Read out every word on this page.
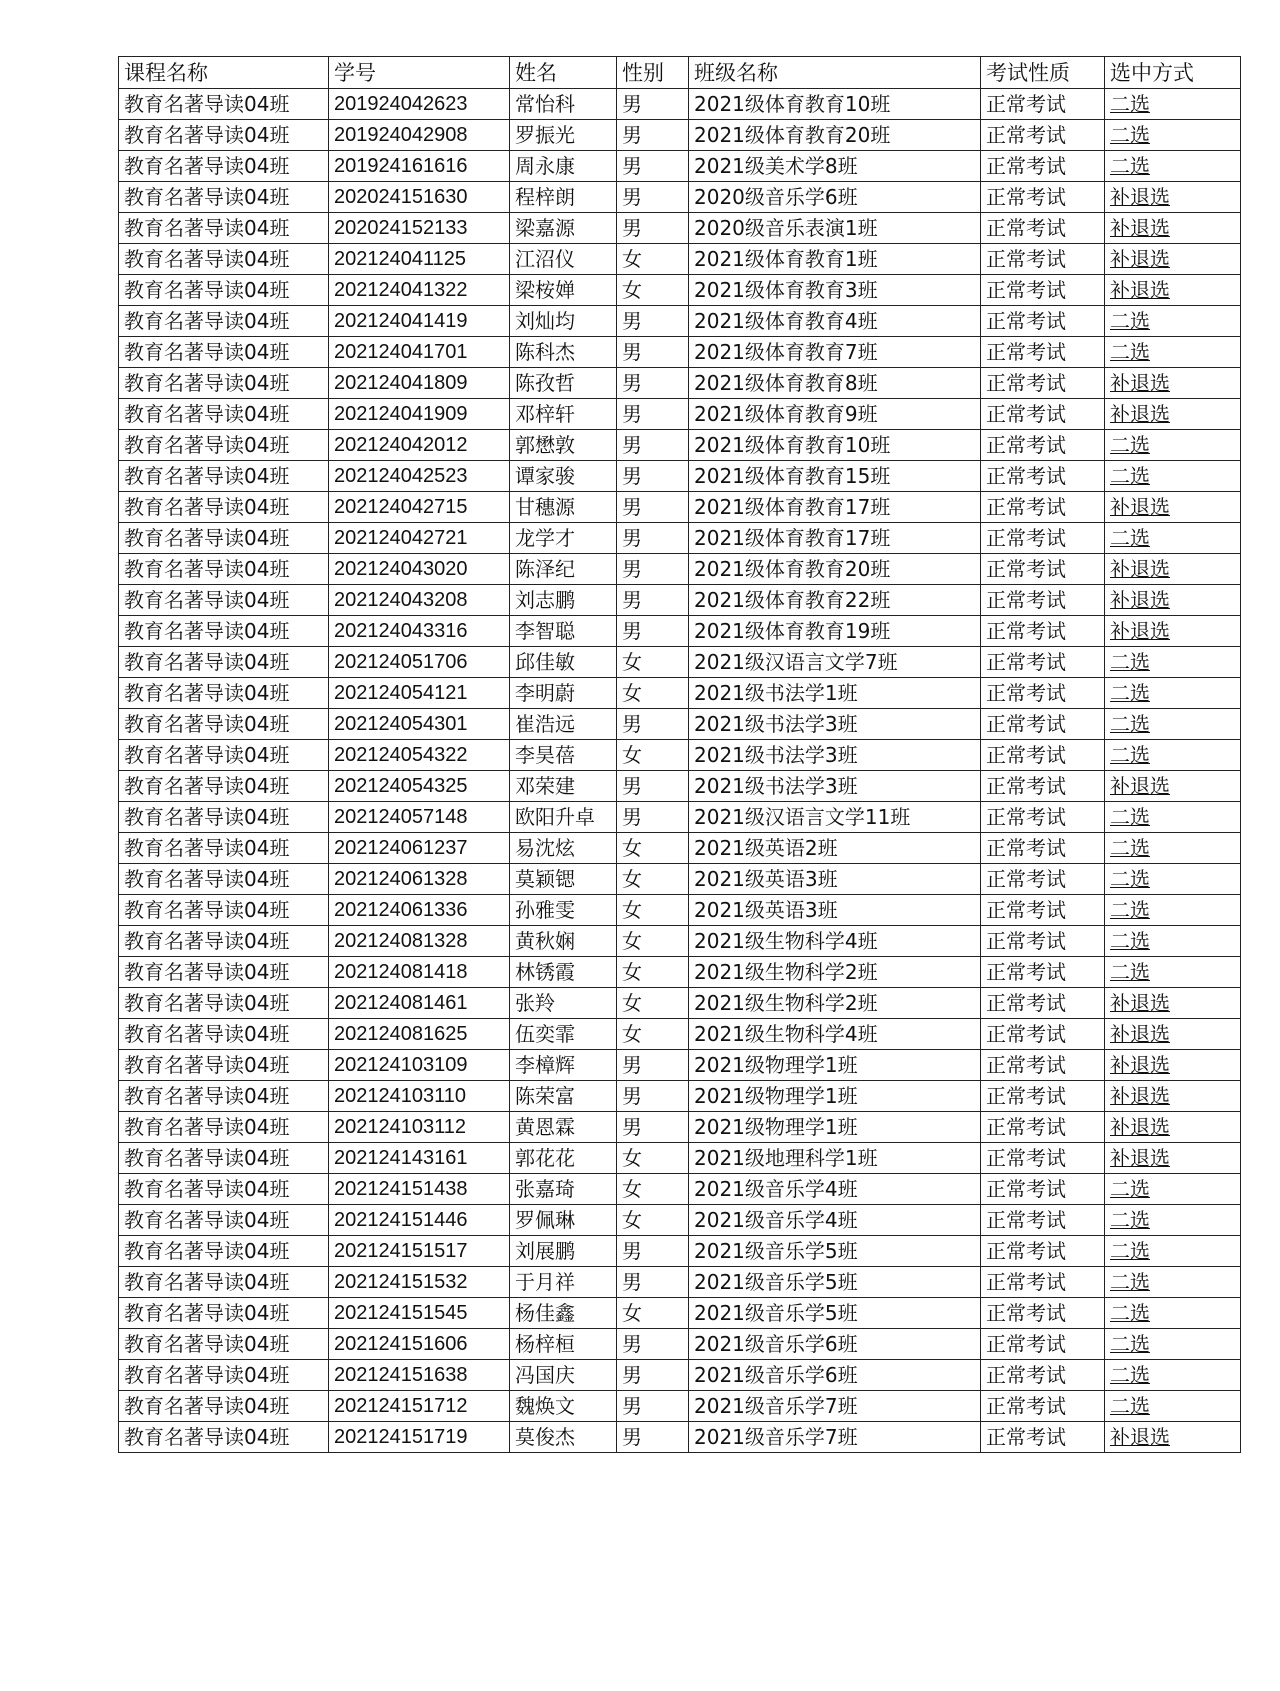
课程名称	学号	姓名	性别	班级名称	考试性质	选中方式
教育名著导读04班	201924042623	常怡科	男	2021级体育教育10班	正常考试	二选
教育名著导读04班	201924042908	罗振光	男	2021级体育教育20班	正常考试	二选
教育名著导读04班	201924161616	周永康	男	2021级美术学8班	正常考试	二选
教育名著导读04班	202024151630	程梓朗	男	2020级音乐学6班	正常考试	补退选
教育名著导读04班	202024152133	梁嘉源	男	2020级音乐表演1班	正常考试	补退选
教育名著导读04班	202124041125	江沼仪	女	2021级体育教育1班	正常考试	补退选
教育名著导读04班	202124041322	梁桉婵	女	2021级体育教育3班	正常考试	补退选
教育名著导读04班	202124041419	刘灿均	男	2021级体育教育4班	正常考试	二选
教育名著导读04班	202124041701	陈科杰	男	2021级体育教育7班	正常考试	二选
教育名著导读04班	202124041809	陈孜哲	男	2021级体育教育8班	正常考试	补退选
教育名著导读04班	202124041909	邓梓轩	男	2021级体育教育9班	正常考试	补退选
教育名著导读04班	202124042012	郭懋敦	男	2021级体育教育10班	正常考试	二选
教育名著导读04班	202124042523	谭家骏	男	2021级体育教育15班	正常考试	二选
教育名著导读04班	202124042715	甘穗源	男	2021级体育教育17班	正常考试	补退选
教育名著导读04班	202124042721	龙学才	男	2021级体育教育17班	正常考试	二选
教育名著导读04班	202124043020	陈泽纪	男	2021级体育教育20班	正常考试	补退选
教育名著导读04班	202124043208	刘志鹏	男	2021级体育教育22班	正常考试	补退选
教育名著导读04班	202124043316	李智聪	男	2021级体育教育19班	正常考试	补退选
教育名著导读04班	202124051706	邱佳敏	女	2021级汉语言文学7班	正常考试	二选
教育名著导读04班	202124054121	李明蔚	女	2021级书法学1班	正常考试	二选
教育名著导读04班	202124054301	崔浩远	男	2021级书法学3班	正常考试	二选
教育名著导读04班	202124054322	李昊蓓	女	2021级书法学3班	正常考试	二选
教育名著导读04班	202124054325	邓荣建	男	2021级书法学3班	正常考试	补退选
教育名著导读04班	202124057148	欧阳升卓	男	2021级汉语言文学11班	正常考试	二选
教育名著导读04班	202124061237	易沈炫	女	2021级英语2班	正常考试	二选
教育名著导读04班	202124061328	莫颖锶	女	2021级英语3班	正常考试	二选
教育名著导读04班	202124061336	孙雅雯	女	2021级英语3班	正常考试	二选
教育名著导读04班	202124081328	黄秋娴	女	2021级生物科学4班	正常考试	二选
教育名著导读04班	202124081418	林锈霞	女	2021级生物科学2班	正常考试	二选
教育名著导读04班	202124081461	张羚	女	2021级生物科学2班	正常考试	补退选
教育名著导读04班	202124081625	伍奕霏	女	2021级生物科学4班	正常考试	补退选
教育名著导读04班	202124103109	李樟辉	男	2021级物理学1班	正常考试	补退选
教育名著导读04班	202124103110	陈荣富	男	2021级物理学1班	正常考试	补退选
教育名著导读04班	202124103112	黄恩霖	男	2021级物理学1班	正常考试	补退选
教育名著导读04班	202124143161	郭花花	女	2021级地理科学1班	正常考试	补退选
教育名著导读04班	202124151438	张嘉琦	女	2021级音乐学4班	正常考试	二选
教育名著导读04班	202124151446	罗佩琳	女	2021级音乐学4班	正常考试	二选
教育名著导读04班	202124151517	刘展鹏	男	2021级音乐学5班	正常考试	二选
教育名著导读04班	202124151532	于月祥	男	2021级音乐学5班	正常考试	二选
教育名著导读04班	202124151545	杨佳鑫	女	2021级音乐学5班	正常考试	二选
教育名著导读04班	202124151606	杨梓桓	男	2021级音乐学6班	正常考试	二选
教育名著导读04班	202124151638	冯国庆	男	2021级音乐学6班	正常考试	二选
教育名著导读04班	202124151712	魏焕文	男	2021级音乐学7班	正常考试	二选
教育名著导读04班	202124151719	莫俊杰	男	2021级音乐学7班	正常考试	补退选
